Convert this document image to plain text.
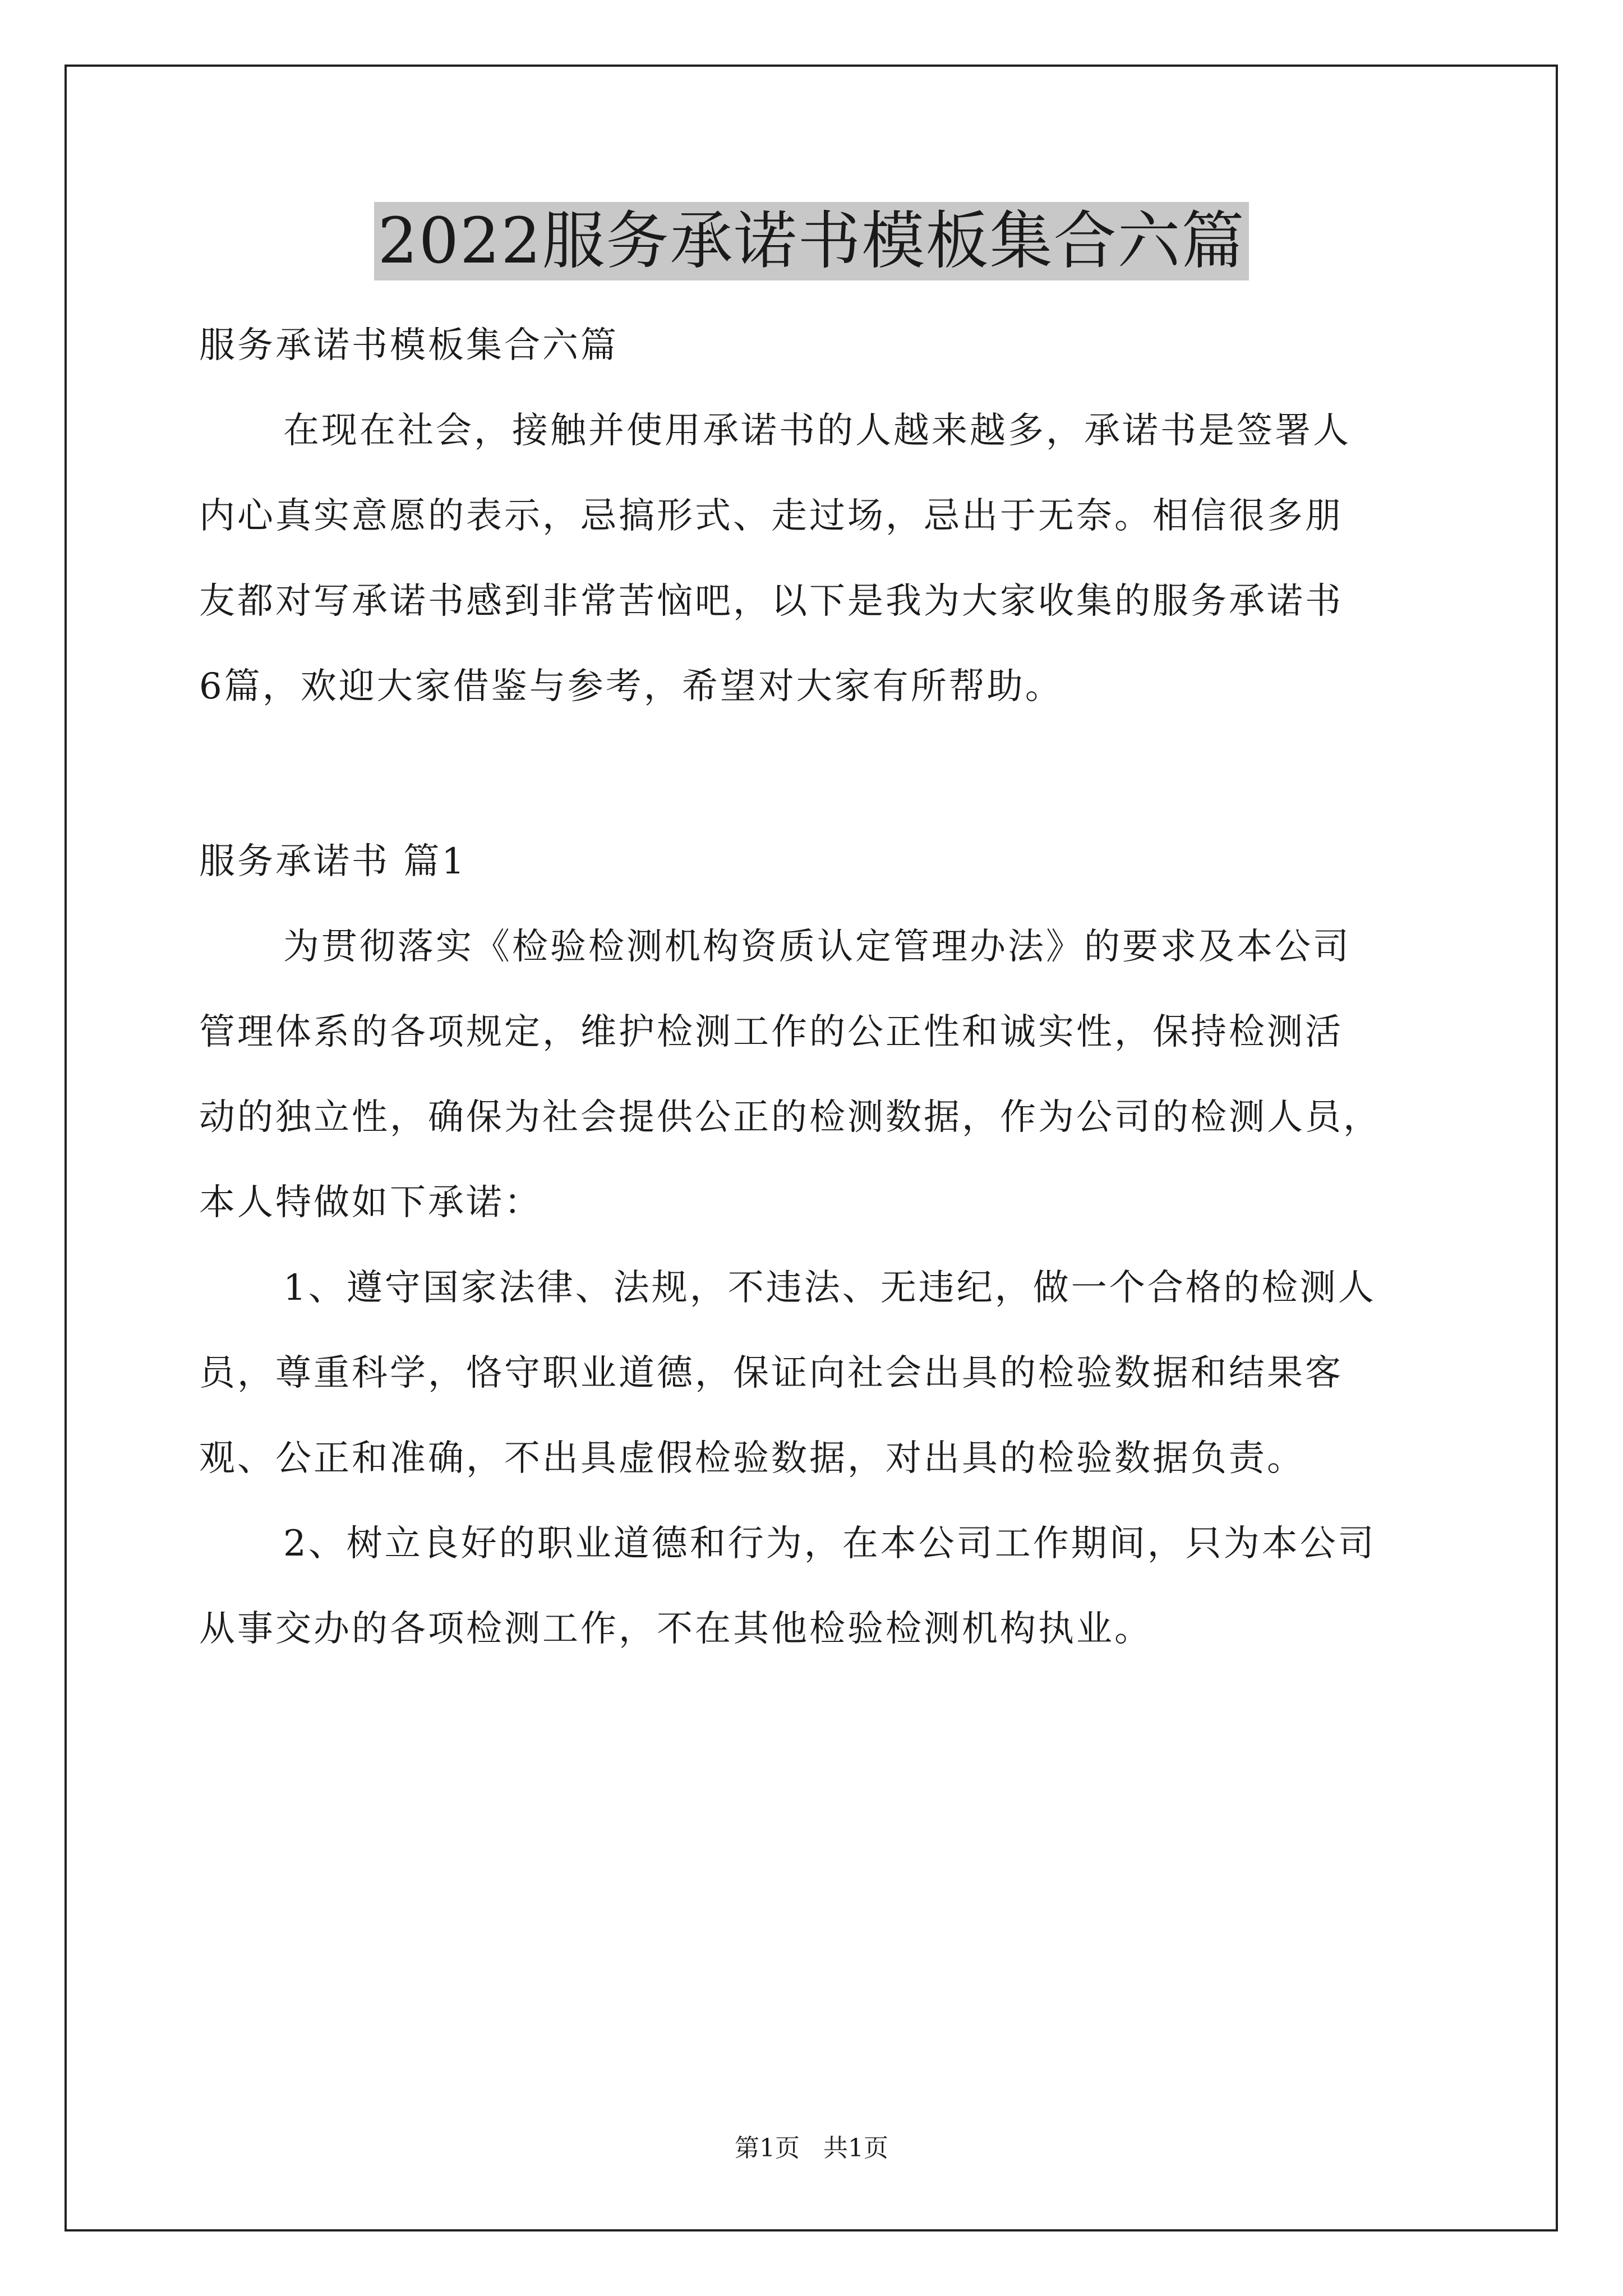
2022服务承诺书模板集合六篇
服务承诺书模板集合六篇
在现在社会，接触并使用承诺书的人越来越多，承诺书是签署人
内心真实意愿的表示，忌搞形式、走过场，忌出于无奈。相信很多朋
友都对写承诺书感到非常苦恼吧，以下是我为大家收集的服务承诺书
6篇，欢迎大家借鉴与参考，希望对大家有所帮助。
服务承诺书 篇1
为贯彻落实《检验检测机构资质认定管理办法》的要求及本公司
管理体系的各项规定，维护检测工作的公正性和诚实性，保持检测活
动的独立性，确保为社会提供公正的检测数据，作为公司的检测人员，
本人特做如下承诺：
1、遵守国家法律、法规，不违法、无违纪，做一个合格的检测人
员，尊重科学，恪守职业道德，保证向社会出具的检验数据和结果客
观、公正和准确，不出具虚假检验数据，对出具的检验数据负责。
2、树立良好的职业道德和行为，在本公司工作期间，只为本公司
从事交办的各项检测工作，不在其他检验检测机构执业。
第1页   共1页
